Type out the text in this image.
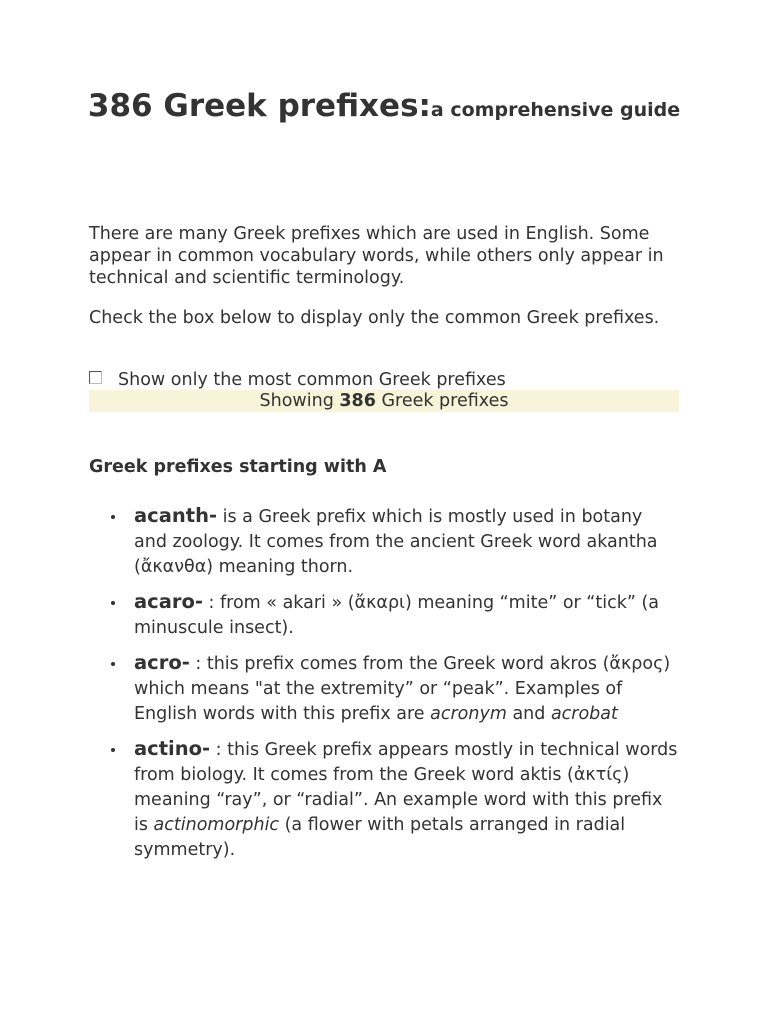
386 Greek prefixes:a comprehensive guide

There are many Greek prefixes which are used in English. Some appear in common vocabulary words, while others only appear in technical and scientific terminology.

Check the box below to display only the common Greek prefixes.

Show only the most common Greek prefixes
Showing 386 Greek prefixes
Greek prefixes starting with A
acanth- is a Greek prefix which is mostly used in botany and zoology. It comes from the ancient Greek word akantha (ἄκανθα) meaning thorn.
acaro- : from « akari » (ἄκαρι) meaning “mite” or “tick” (a minuscule insect).
acro- : this prefix comes from the Greek word akros (ἄκρος) which means "at the extremity” or “peak”. Examples of English words with this prefix are acronym and acrobat
actino- : this Greek prefix appears mostly in technical words from biology. It comes from the Greek word aktis (ἀκτίς) meaning “ray”, or “radial”. An example word with this prefix is actinomorphic (a flower with petals arranged in radial symmetry).
